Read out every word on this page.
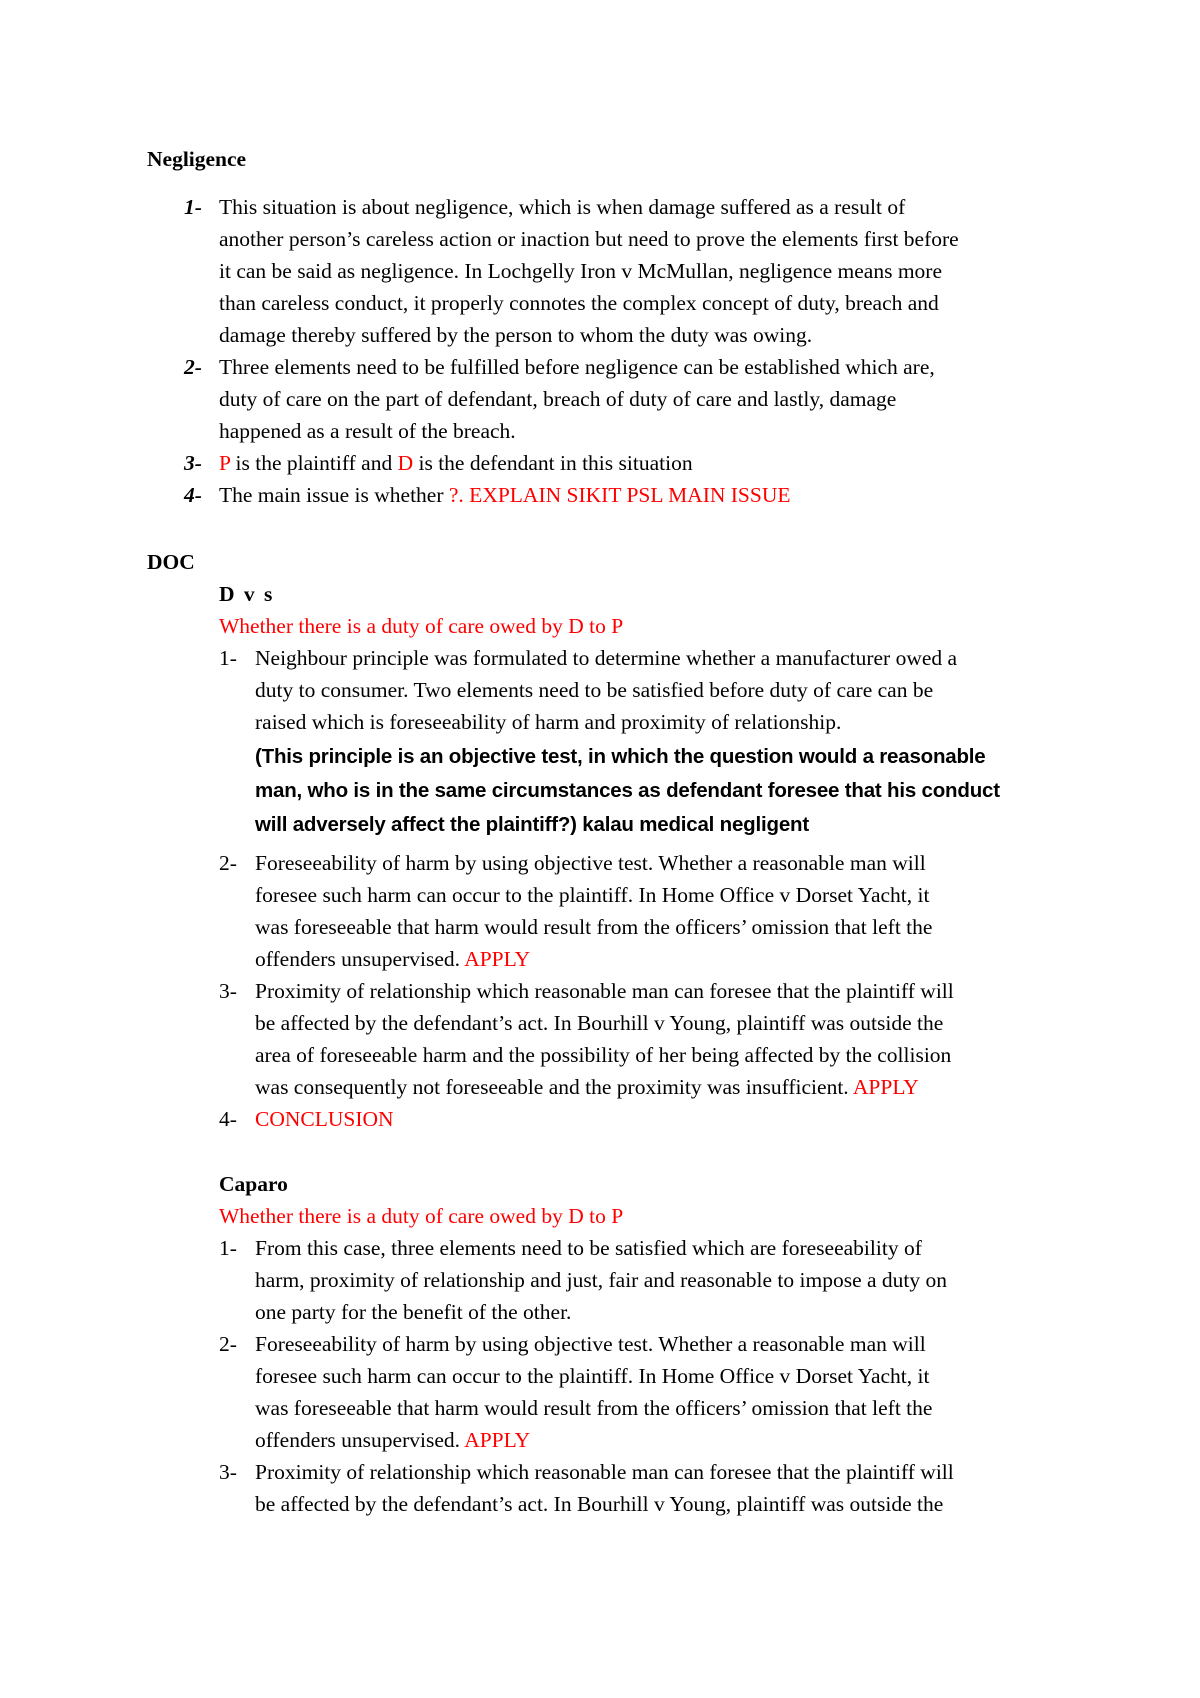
Negligence
1- This situation is about negligence, which is when damage suffered as a result of
another person’s careless action or inaction but need to prove the elements first before
it can be said as negligence. In Lochgelly Iron v McMullan, negligence means more
than careless conduct, it properly connotes the complex concept of duty, breach and
damage thereby suffered by the person to whom the duty was owing.
2- Three elements need to be fulfilled before negligence can be established which are,
duty of care on the part of defendant, breach of duty of care and lastly, damage
happened as a result of the breach.
3- P is the plaintiff and D is the defendant in this situation
4- The main issue is whether ?. EXPLAIN SIKIT PSL MAIN ISSUE
DOC
D v s
Whether there is a duty of care owed by D to P
1- Neighbour principle was formulated to determine whether a manufacturer owed a
duty to consumer. Two elements need to be satisfied before duty of care can be
raised which is foreseeability of harm and proximity of relationship.
(This principle is an objective test, in which the question would a reasonable
man, who is in the same circumstances as defendant foresee that his conduct
will adversely affect the plaintiff?) kalau medical negligent
2- Foreseeability of harm by using objective test. Whether a reasonable man will
foresee such harm can occur to the plaintiff. In Home Office v Dorset Yacht, it
was foreseeable that harm would result from the officers’ omission that left the
offenders unsupervised. APPLY
3- Proximity of relationship which reasonable man can foresee that the plaintiff will
be affected by the defendant’s act. In Bourhill v Young, plaintiff was outside the
area of foreseeable harm and the possibility of her being affected by the collision
was consequently not foreseeable and the proximity was insufficient. APPLY
4- CONCLUSION
Caparo
Whether there is a duty of care owed by D to P
1- From this case, three elements need to be satisfied which are foreseeability of
harm, proximity of relationship and just, fair and reasonable to impose a duty on
one party for the benefit of the other.
2- Foreseeability of harm by using objective test. Whether a reasonable man will
foresee such harm can occur to the plaintiff. In Home Office v Dorset Yacht, it
was foreseeable that harm would result from the officers’ omission that left the
offenders unsupervised. APPLY
3- Proximity of relationship which reasonable man can foresee that the plaintiff will
be affected by the defendant’s act. In Bourhill v Young, plaintiff was outside the
